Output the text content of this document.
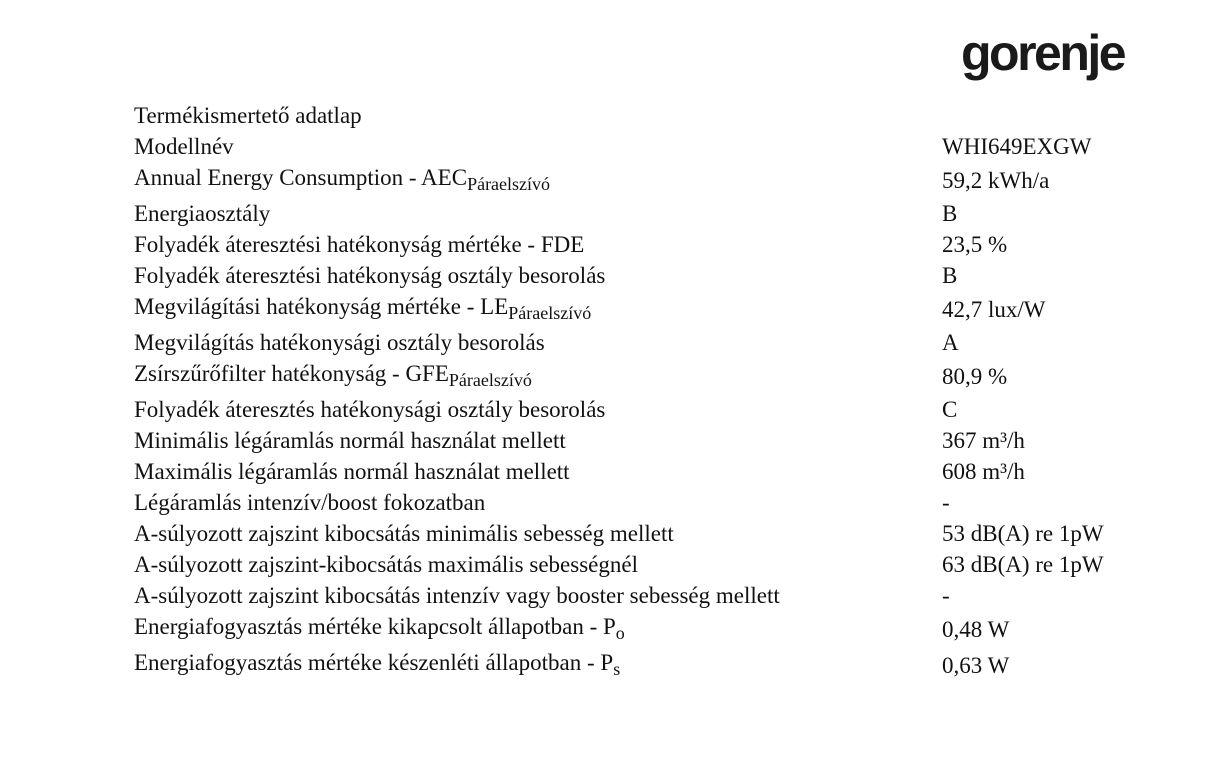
gorenje
Termékismertető adatlap
Modellnév	WHI649EXGW
Annual Energy Consumption - $AEC_{Páraelszívó}$	59,2 kWh/a
Energiaosztály	B
Folyadék áteresztési hatékonyság mértéke - FDE	23,5 %
Folyadék áteresztési hatékonyság osztály besorolás	B
Megvilágítási hatékonyság mértéke - $LE_{Páraelszívó}$	42,7 lux/W
Megvilágítás hatékonysági osztály besorolás	A
Zsírszűrőfilter hatékonyság - $GFE_{Páraelszívó}$	80,9 %
Folyadék áteresztés hatékonysági osztály besorolás	C
Minimális légáramlás normál használat mellett	367 m³/h
Maximális légáramlás normál használat mellett	608 m³/h
Légáramlás intenzív/boost fokozatban	-
A-súlyozott zajszint kibocsátás minimális sebesség mellett	53 dB(A) re 1pW
A-súlyozott zajszint-kibocsátás maximális sebességnél	63 dB(A) re 1pW
A-súlyozott zajszint kibocsátás intenzív vagy booster sebesség mellett	-
Energiafogyasztás mértéke kikapcsolt állapotban - $P_o$	0,48 W
Energiafogyasztás mértéke készenléti állapotban - $P_s$	0,63 W
